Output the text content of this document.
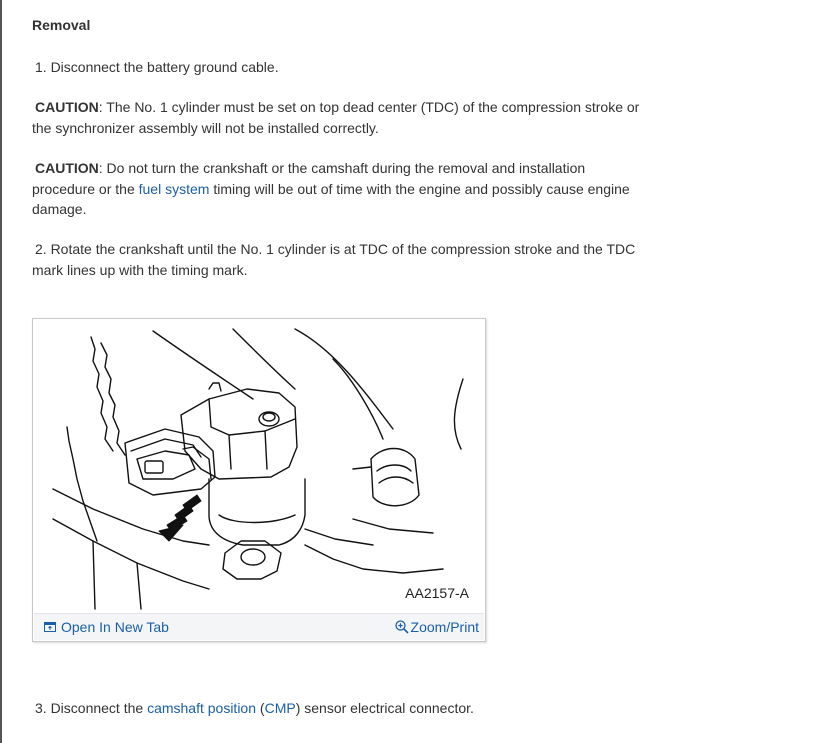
Removal
1. Disconnect the battery ground cable.
CAUTION: The No. 1 cylinder must be set on top dead center (TDC) of the compression stroke or the synchronizer assembly will not be installed correctly.
CAUTION: Do not turn the crankshaft or the camshaft during the removal and installation procedure or the fuel system timing will be out of time with the engine and possibly cause engine damage.
2. Rotate the crankshaft until the No. 1 cylinder is at TDC of the compression stroke and the TDC mark lines up with the timing mark.
3. Disconnect the camshaft position (CMP) sensor electrical connector.
AA2157-A
Open In New Tab	Zoom/Print
